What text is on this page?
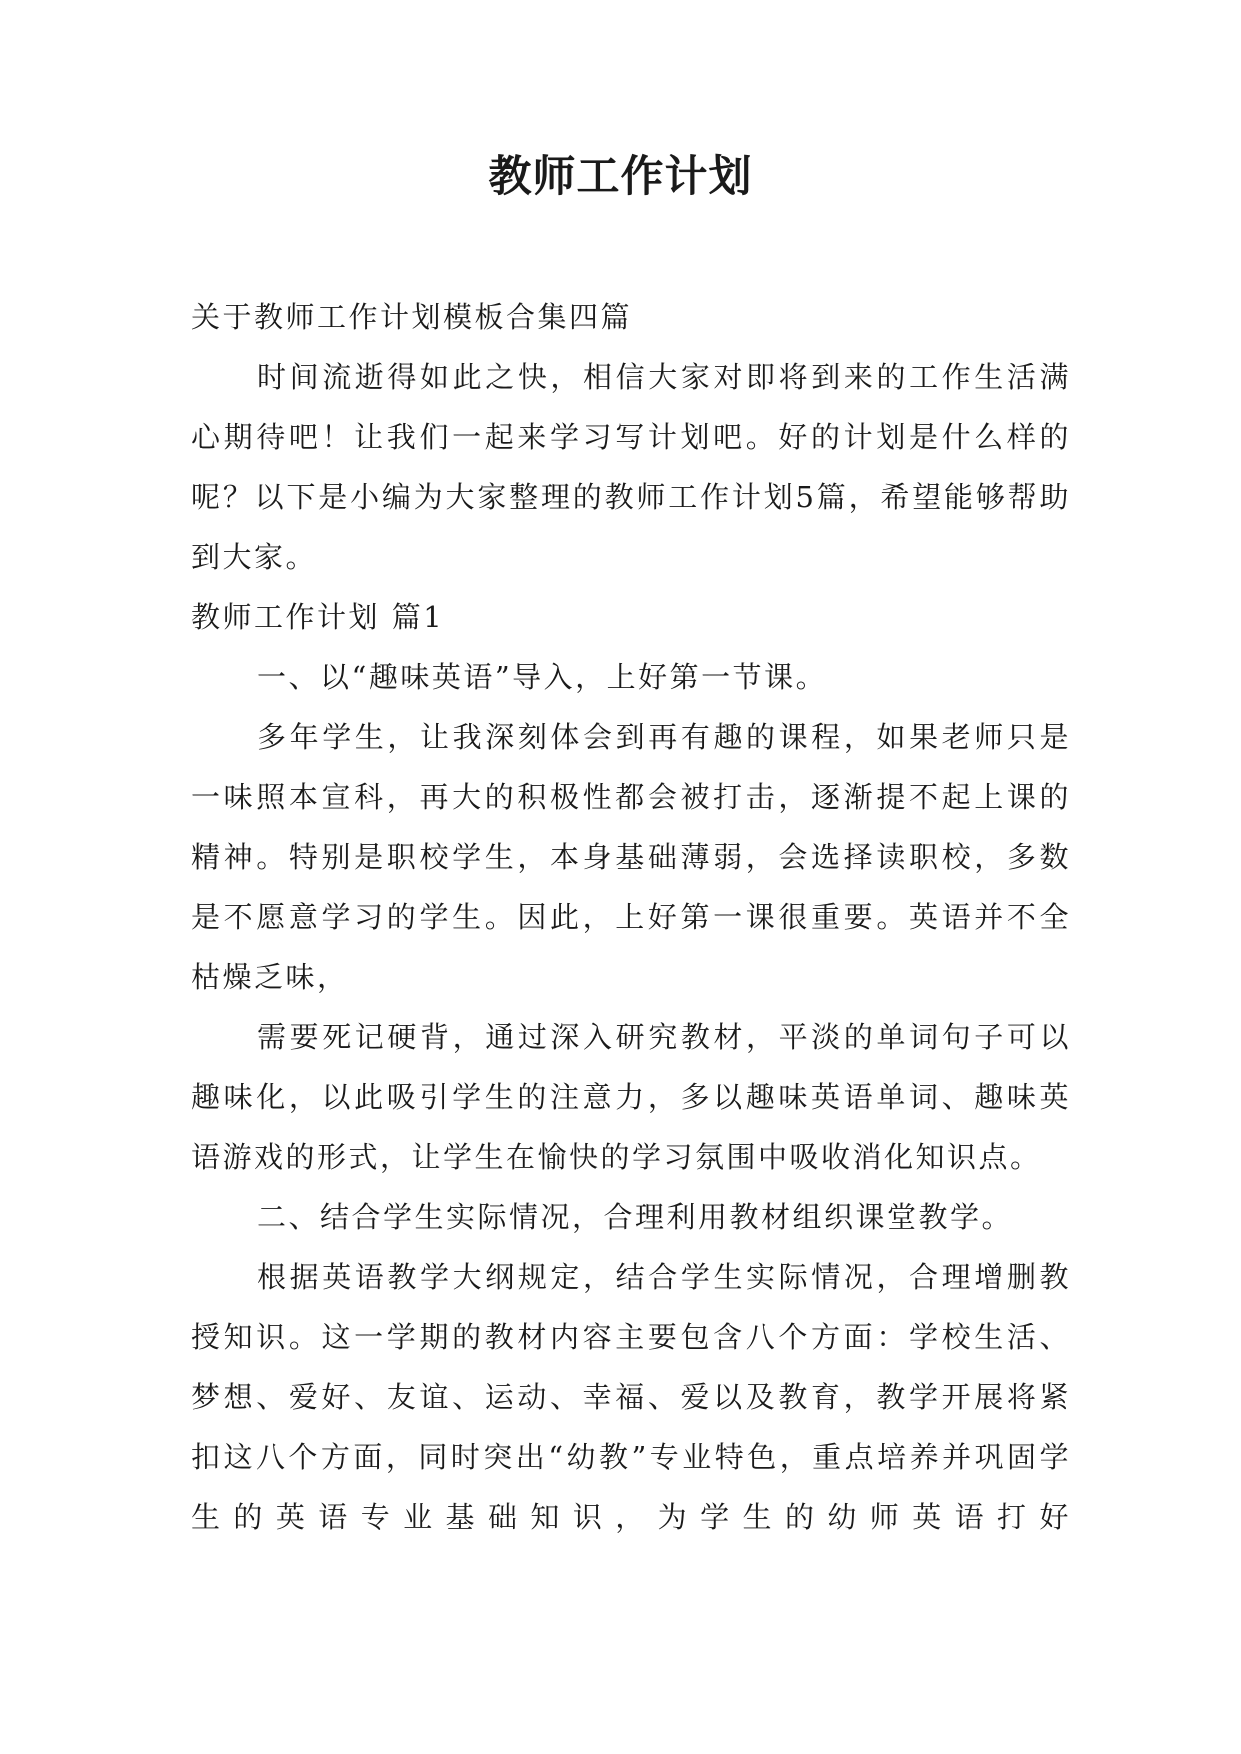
教师工作计划

关于教师工作计划模板合集四篇

时间流逝得如此之快，相信大家对即将到来的工作生活满心期待吧！让我们一起来学习写计划吧。好的计划是什么样的呢？以下是小编为大家整理的教师工作计划5篇，希望能够帮助到大家。

教师工作计划 篇1

一、以“趣味英语”导入，上好第一节课。

多年学生，让我深刻体会到再有趣的课程，如果老师只是一味照本宣科，再大的积极性都会被打击，逐渐提不起上课的精神。特别是职校学生，本身基础薄弱，会选择读职校，多数是不愿意学习的学生。因此，上好第一课很重要。英语并不全枯燥乏味，

需要死记硬背，通过深入研究教材，平淡的单词句子可以趣味化，以此吸引学生的注意力，多以趣味英语单词、趣味英语游戏的形式，让学生在愉快的学习氛围中吸收消化知识点。

二、结合学生实际情况，合理利用教材组织课堂教学。

根据英语教学大纲规定，结合学生实际情况，合理增删教授知识。这一学期的教材内容主要包含八个方面：学校生活、梦想、爱好、友谊、运动、幸福、爱以及教育，教学开展将紧扣这八个方面，同时突出“幼教”专业特色，重点培养并巩固学生的英语专业基础知识，为学生的幼师英语打好
